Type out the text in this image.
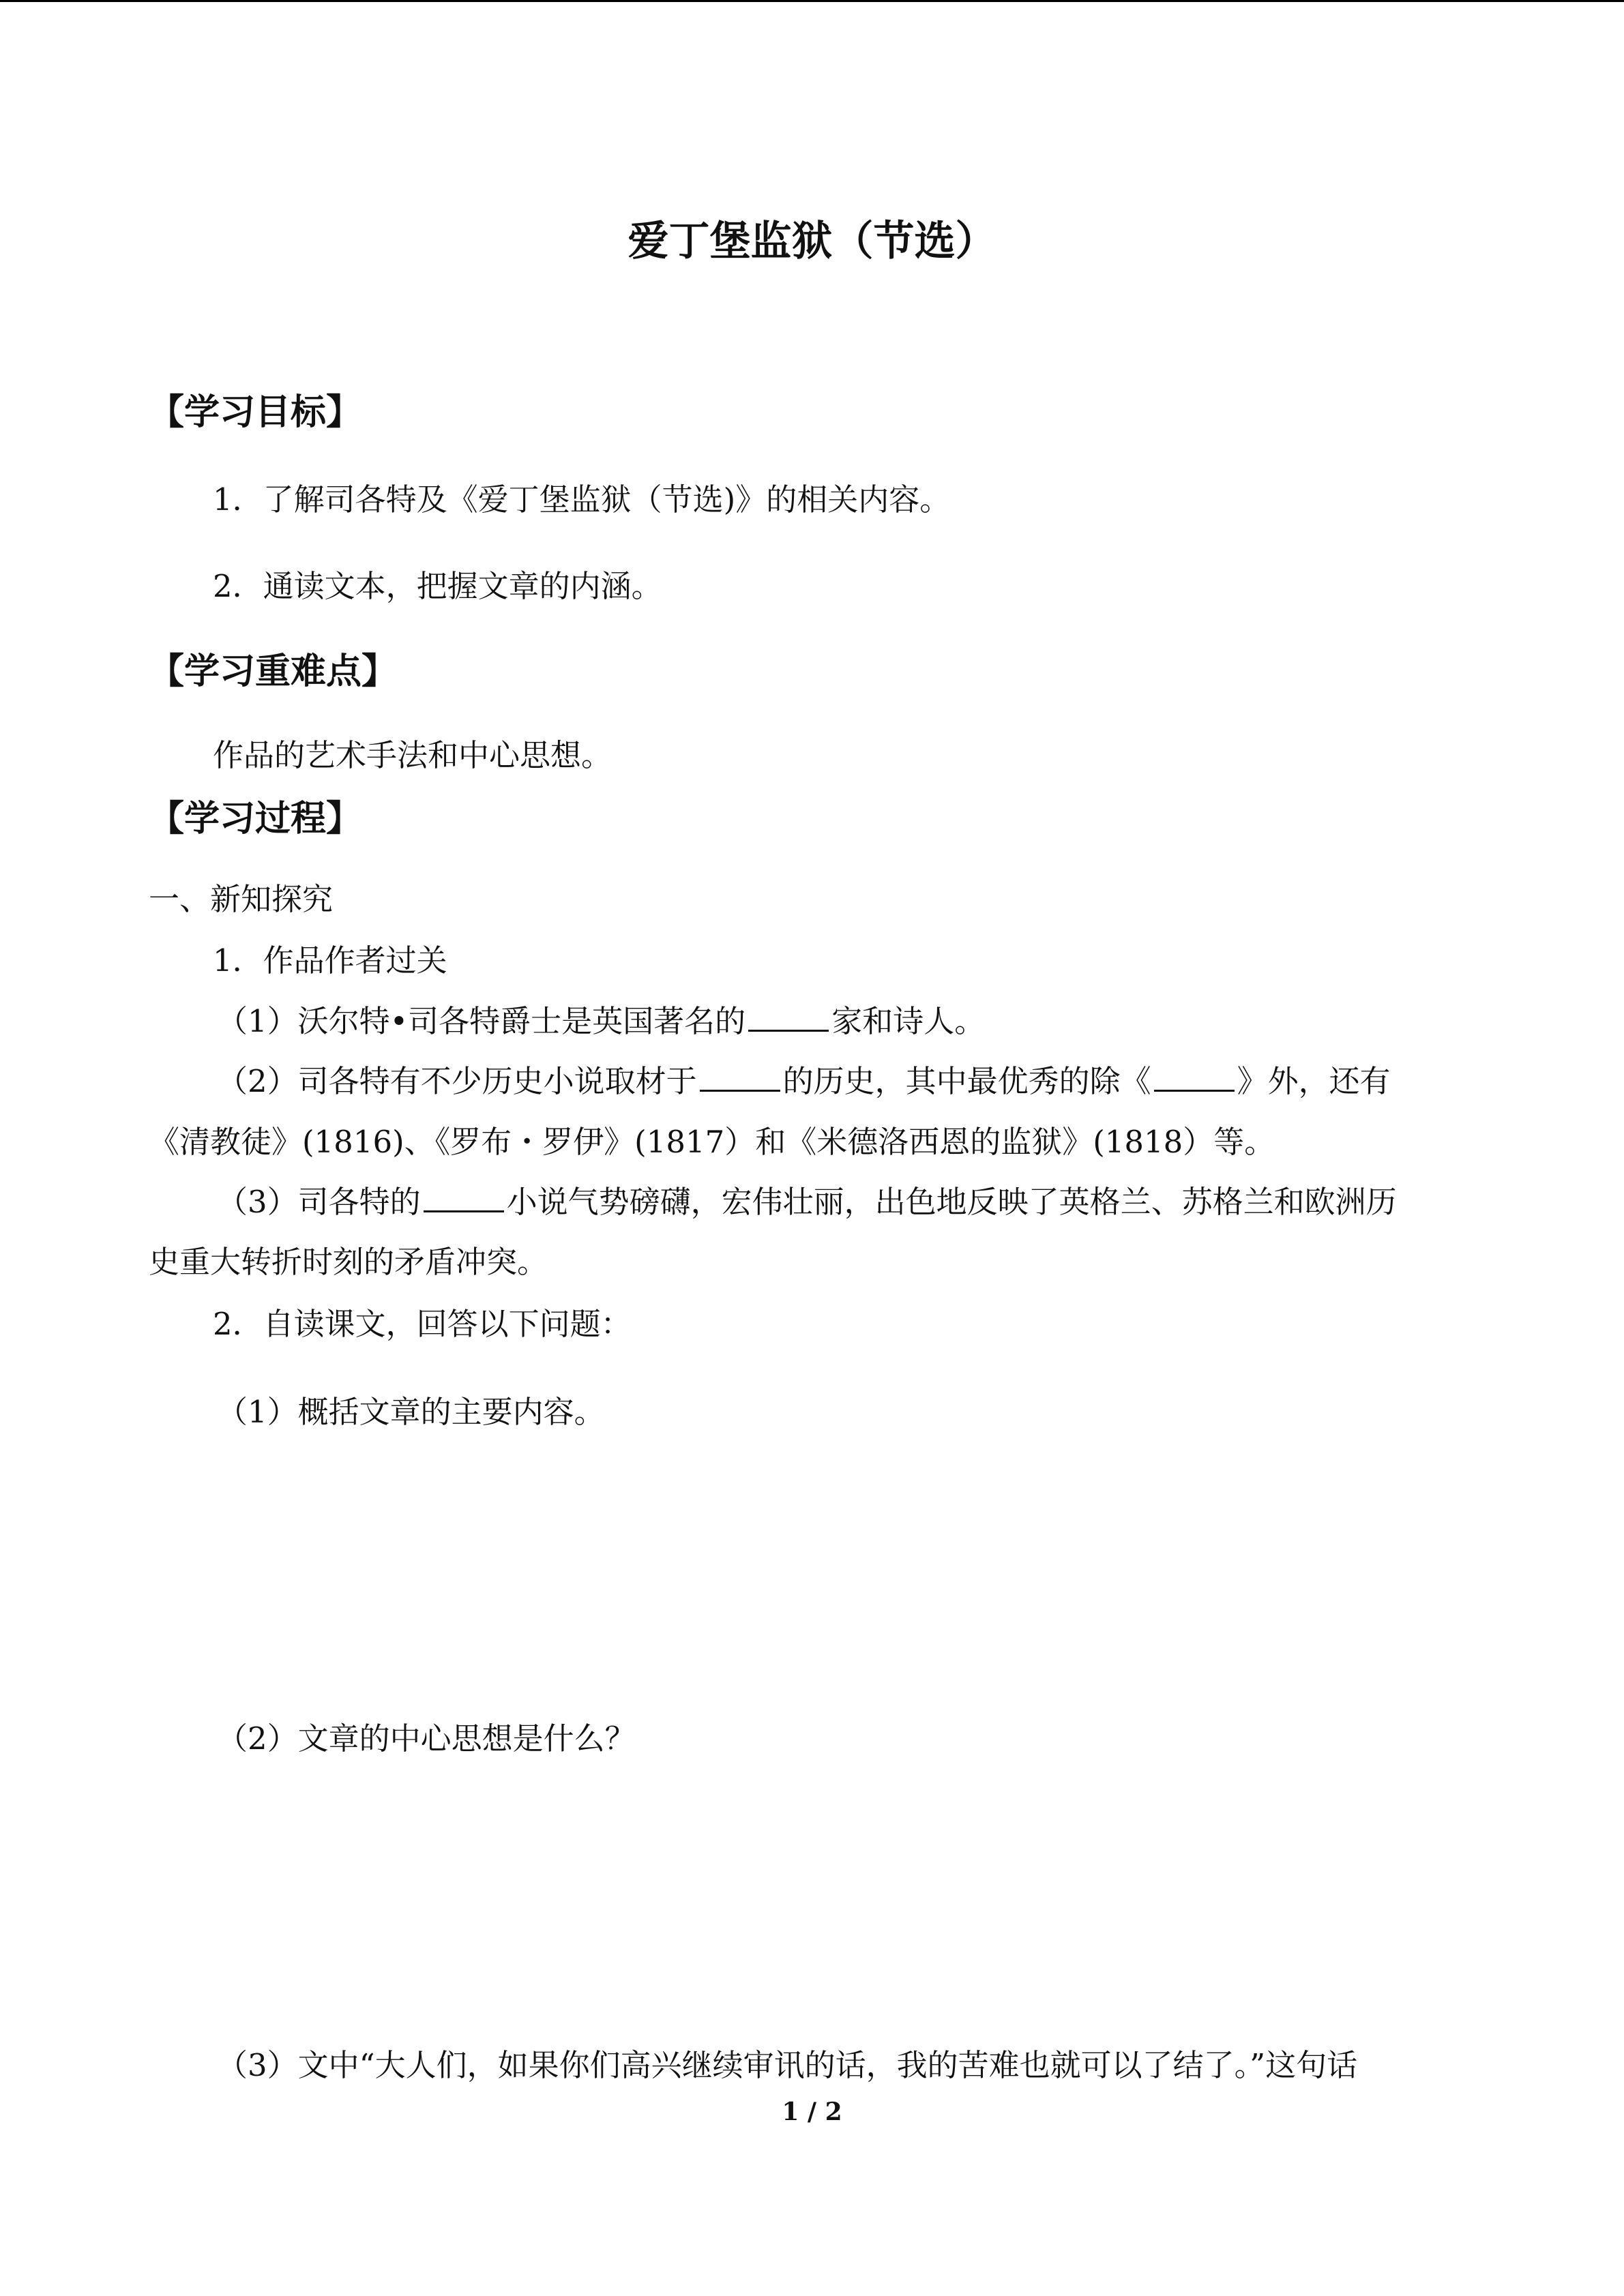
爱丁堡监狱（节选）
【学习目标】
1．了解司各特及《爱丁堡监狱（节选)》的相关内容。
2．通读文本，把握文章的内涵。
【学习重难点】
作品的艺术手法和中心思想。
【学习过程】
一、新知探究
1．作品作者过关
（1）沃尔特•司各特爵士是英国著名的	家和诗人。
（2）司各特有不少历史小说取材于	的历史，其中最优秀的除《	》外，还有
《清教徒》(1816)、《罗布・罗伊》(1817）和《米德洛西恩的监狱》(1818）等。
（3）司各特的	小说气势磅礴，宏伟壮丽，出色地反映了英格兰、苏格兰和欧洲历
史重大转折时刻的矛盾冲突。
2．自读课文，回答以下问题：
（1）概括文章的主要内容。
（2）文章的中心思想是什么？
（3）文中“大人们，如果你们高兴继续审讯的话，我的苦难也就可以了结了。”这句话
1 / 2
